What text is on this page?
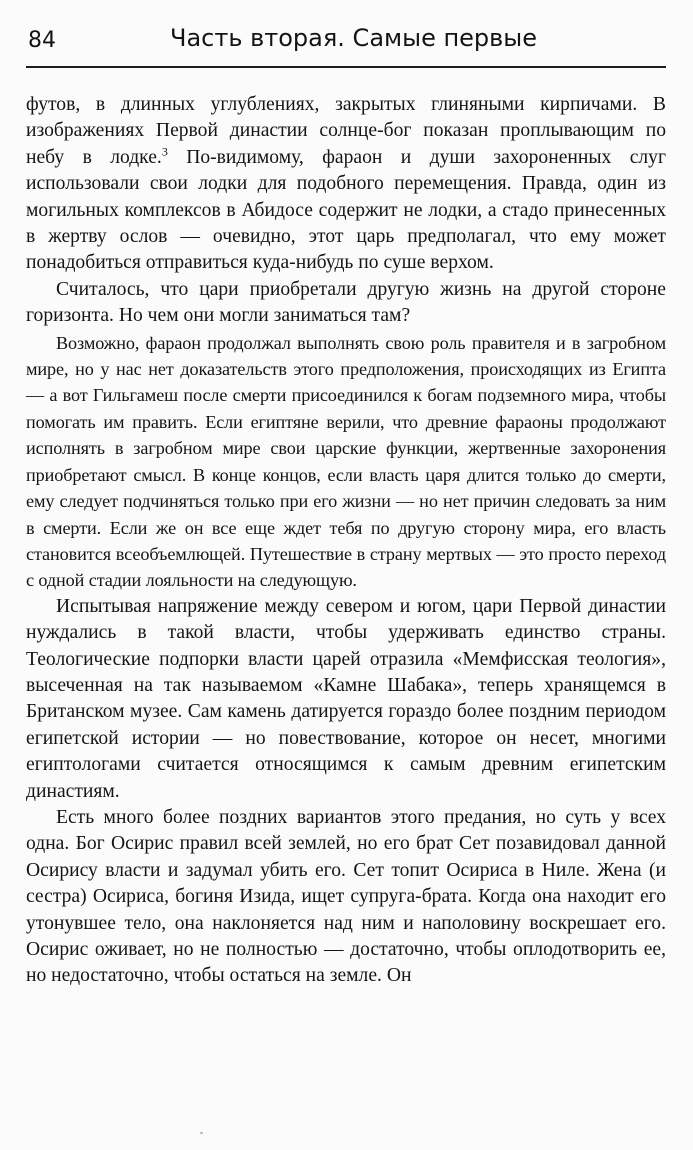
84	Часть вторая. Самые первые

футов, в длинных углублениях, закрытых глиняными кирпичами. В изображениях Первой династии солнце-бог показан проплывающим по небу в лодке.$^3$ По-видимому, фараон и души захороненных слуг использовали свои лодки для подобного перемещения. Правда, один из могильных комплексов в Абидосе содержит не лодки, а стадо принесенных в жертву ослов — очевидно, этот царь предполагал, что ему может понадобиться отправиться куда-нибудь по суше верхом.

Считалось, что цари приобретали другую жизнь на другой стороне горизонта. Но чем они могли заниматься там?

Возможно, фараон продолжал выполнять свою роль правителя и в загробном мире, но у нас нет доказательств этого предположения, происходящих из Египта — а вот Гильгамеш после смерти присоединился к богам подземного мира, чтобы помогать им править. Если египтяне верили, что древние фараоны продолжают исполнять в загробном мире свои царские функции, жертвенные захоронения приобретают смысл. В конце концов, если власть царя длится только до смерти, ему следует подчиняться только при его жизни — но нет причин следовать за ним в смерти. Если же он все еще ждет тебя по другую сторону мира, его власть становится всеобъемлющей. Путешествие в страну мертвых — это просто переход с одной стадии лояльности на следующую.

Испытывая напряжение между севером и югом, цари Первой династии нуждались в такой власти, чтобы удерживать единство страны. Теологические подпорки власти царей отразила «Мемфисская теология», высеченная на так называемом «Камне Шабака», теперь хранящемся в Британском музее. Сам камень датируется гораздо более поздним периодом египетской истории — но повествование, которое он несет, многими египтологами считается относящимся к самым древним египетским династиям.

Есть много более поздних вариантов этого предания, но суть у всех одна. Бог Осирис правил всей землей, но его брат Сет позавидовал данной Осирису власти и задумал убить его. Сет топит Осириса в Ниле. Жена (и сестра) Осириса, богиня Изида, ищет супруга-брата. Когда она находит его утонувшее тело, она наклоняется над ним и наполовину воскрешает его. Осирис оживает, но не полностью — достаточно, чтобы оплодотворить ее, но недостаточно, чтобы остаться на земле. Он
